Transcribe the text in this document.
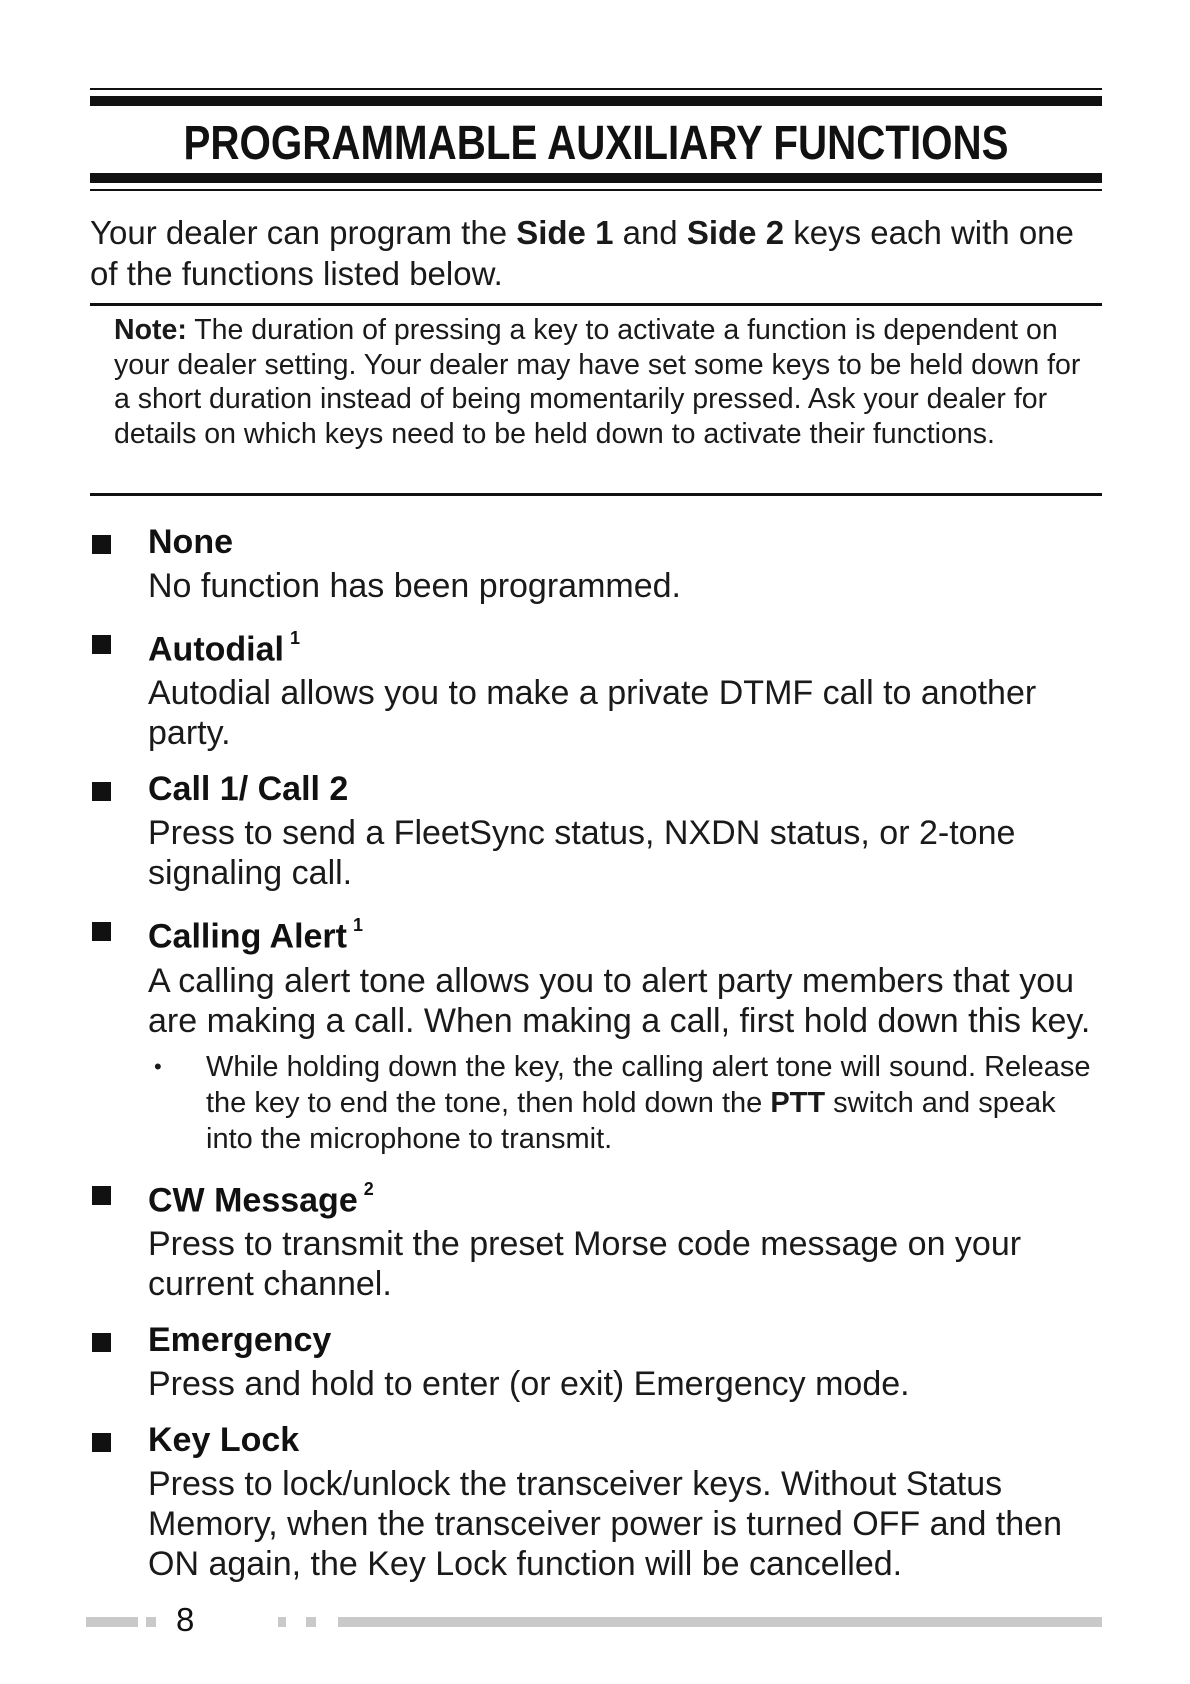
PROGRAMMABLE AUXILIARY FUNCTIONS
Your dealer can program the Side 1 and Side 2 keys each with one of the functions listed below.
Note: The duration of pressing a key to activate a function is dependent on your dealer setting. Your dealer may have set some keys to be held down for a short duration instead of being momentarily pressed. Ask your dealer for details on which keys need to be held down to activate their functions.
None
No function has been programmed.
Autodial $^1$
Autodial allows you to make a private DTMF call to another party.
Call 1/ Call 2
Press to send a FleetSync status, NXDN status, or 2-tone signaling call.
Calling Alert $^1$
A calling alert tone allows you to alert party members that you are making a call. When making a call, first hold down this key.
• While holding down the key, the calling alert tone will sound. Release the key to end the tone, then hold down the PTT switch and speak into the microphone to transmit.
CW Message $^2$
Press to transmit the preset Morse code message on your current channel.
Emergency
Press and hold to enter (or exit) Emergency mode.
Key Lock
Press to lock/unlock the transceiver keys. Without Status Memory, when the transceiver power is turned OFF and then ON again, the Key Lock function will be cancelled.
8
